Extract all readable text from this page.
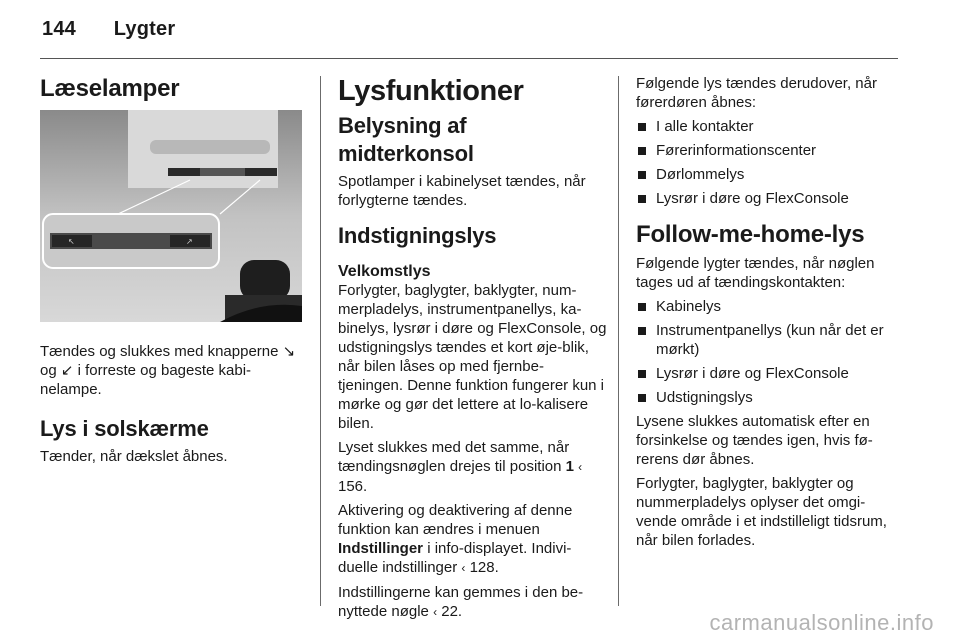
144 Lygter
Læselamper
↖	↗

Tændes og slukkes med knapperne ↘ og ↙ i forreste og bageste kabi-nelampe.

Lys i solskærme

Tænder, når dækslet åbnes.

Lysfunktioner
Belysning af midterkonsol

Spotlamper i kabinelyset tændes, når forlygterne tændes.

Indstigningslys
Velkomstlys

Forlygter, baglygter, baklygter, num-merpladelys, instrumentpanellys, ka-binelys, lysrør i døre og FlexConsole, og udstigningslys tændes et kort øje-blik, når bilen låses op med fjernbe-tjeningen. Denne funktion fungerer kun i mørke og gør det lettere at lo-kalisere bilen.

Lyset slukkes med det samme, når tændingsnøglen drejes til position 1 ‹ 156.

Aktivering og deaktivering af denne funktion kan ændres i menuen Indstillinger i info-displayet. Indivi-duelle indstillinger ‹ 128.

Indstillingerne kan gemmes i den be-nyttede nøgle ‹ 22.

Følgende lys tændes derudover, når førerdøren åbnes:

I alle kontakter
Førerinformationscenter
Dørlommelys
Lysrør i døre og FlexConsole
Follow-me-home-lys

Følgende lygter tændes, når nøglen tages ud af tændingskontakten:

Kabinelys
Instrumentpanellys (kun når det er mørkt)
Lysrør i døre og FlexConsole
Udstigningslys

Lysene slukkes automatisk efter en forsinkelse og tændes igen, hvis fø-rerens dør åbnes.

Forlygter, baglygter, baklygter og nummerpladelys oplyser det omgi-vende område i et indstilleligt tidsrum, når bilen forlades.

carmanualsonline.info
